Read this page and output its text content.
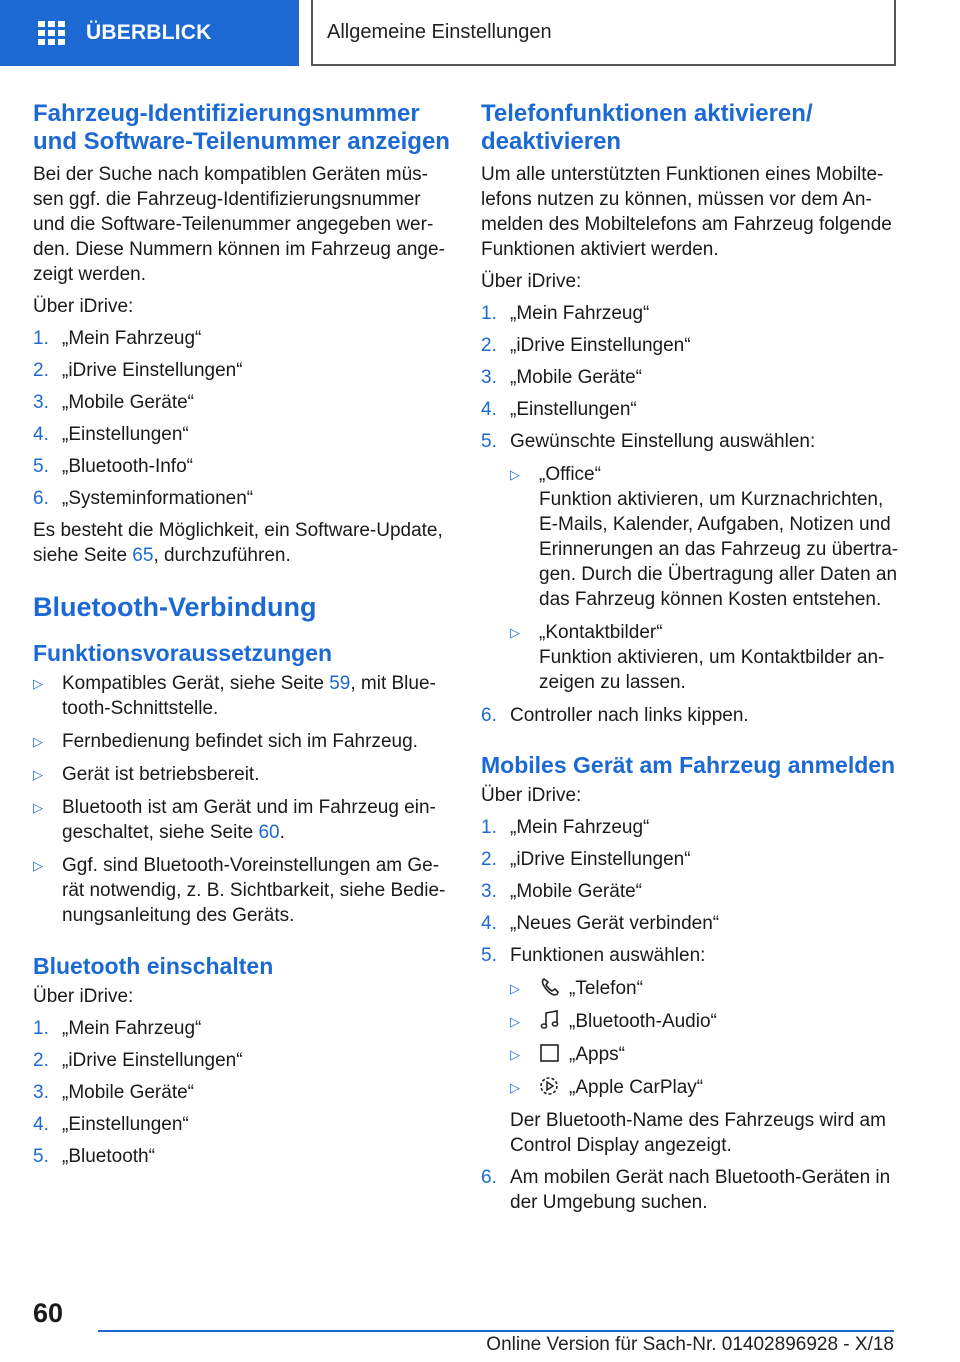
ÜBERBLICK	Allgemeine Einstellungen
Fahrzeug-Identifizierungsnummer und Software-Teilenummer anzeigen

Bei der Suche nach kompatiblen Geräten müssen ggf. die Fahrzeug-Identifizierungsnummer und die Software-Teilenummer angegeben werden. Diese Nummern können im Fahrzeug angezeigt werden.

Über iDrive:

1. „Mein Fahrzeug“
2. „iDrive Einstellungen“
3. „Mobile Geräte“
4. „Einstellungen“
5. „Bluetooth-Info“
6. „Systeminformationen“

Es besteht die Möglichkeit, ein Software-Update, siehe Seite 65, durchzuführen.

Bluetooth-Verbindung
Funktionsvoraussetzungen
▷ Kompatibles Gerät, siehe Seite 59, mit Bluetooth-Schnittstelle.
▷ Fernbedienung befindet sich im Fahrzeug.
▷ Gerät ist betriebsbereit.
▷ Bluetooth ist am Gerät und im Fahrzeug eingeschaltet, siehe Seite 60.
▷ Ggf. sind Bluetooth-Voreinstellungen am Gerät notwendig, z. B. Sichtbarkeit, siehe Bedienungsanleitung des Geräts.
Bluetooth einschalten

Über iDrive:

1. „Mein Fahrzeug“
2. „iDrive Einstellungen“
3. „Mobile Geräte“
4. „Einstellungen“
5. „Bluetooth“
Telefonfunktionen aktivieren/ deaktivieren

Um alle unterstützten Funktionen eines Mobiltelefons nutzen zu können, müssen vor dem Anmelden des Mobiltelefons am Fahrzeug folgende Funktionen aktiviert werden.

Über iDrive:

1. „Mein Fahrzeug“
2. „iDrive Einstellungen“
3. „Mobile Geräte“
4. „Einstellungen“
5. Gewünschte Einstellung auswählen:
▷ „Office“
Funktion aktivieren, um Kurznachrichten, E-Mails, Kalender, Aufgaben, Notizen und Erinnerungen an das Fahrzeug zu übertragen. Durch die Übertragung aller Daten an das Fahrzeug können Kosten entstehen.
▷ „Kontaktbilder“
Funktion aktivieren, um Kontaktbilder anzeigen zu lassen.
6. Controller nach links kippen.
Mobiles Gerät am Fahrzeug anmelden

Über iDrive:

1. „Mein Fahrzeug“
2. „iDrive Einstellungen“
3. „Mobile Geräte“
4. „Neues Gerät verbinden“
5. Funktionen auswählen:
▷	„Telefon“
▷	„Bluetooth-Audio“
▷	„Apps“
▷	„Apple CarPlay“

Der Bluetooth-Name des Fahrzeugs wird am Control Display angezeigt.

6. Am mobilen Gerät nach Bluetooth-Geräten in der Umgebung suchen.
60
Online Version für Sach-Nr. 01402896928 - X/18
